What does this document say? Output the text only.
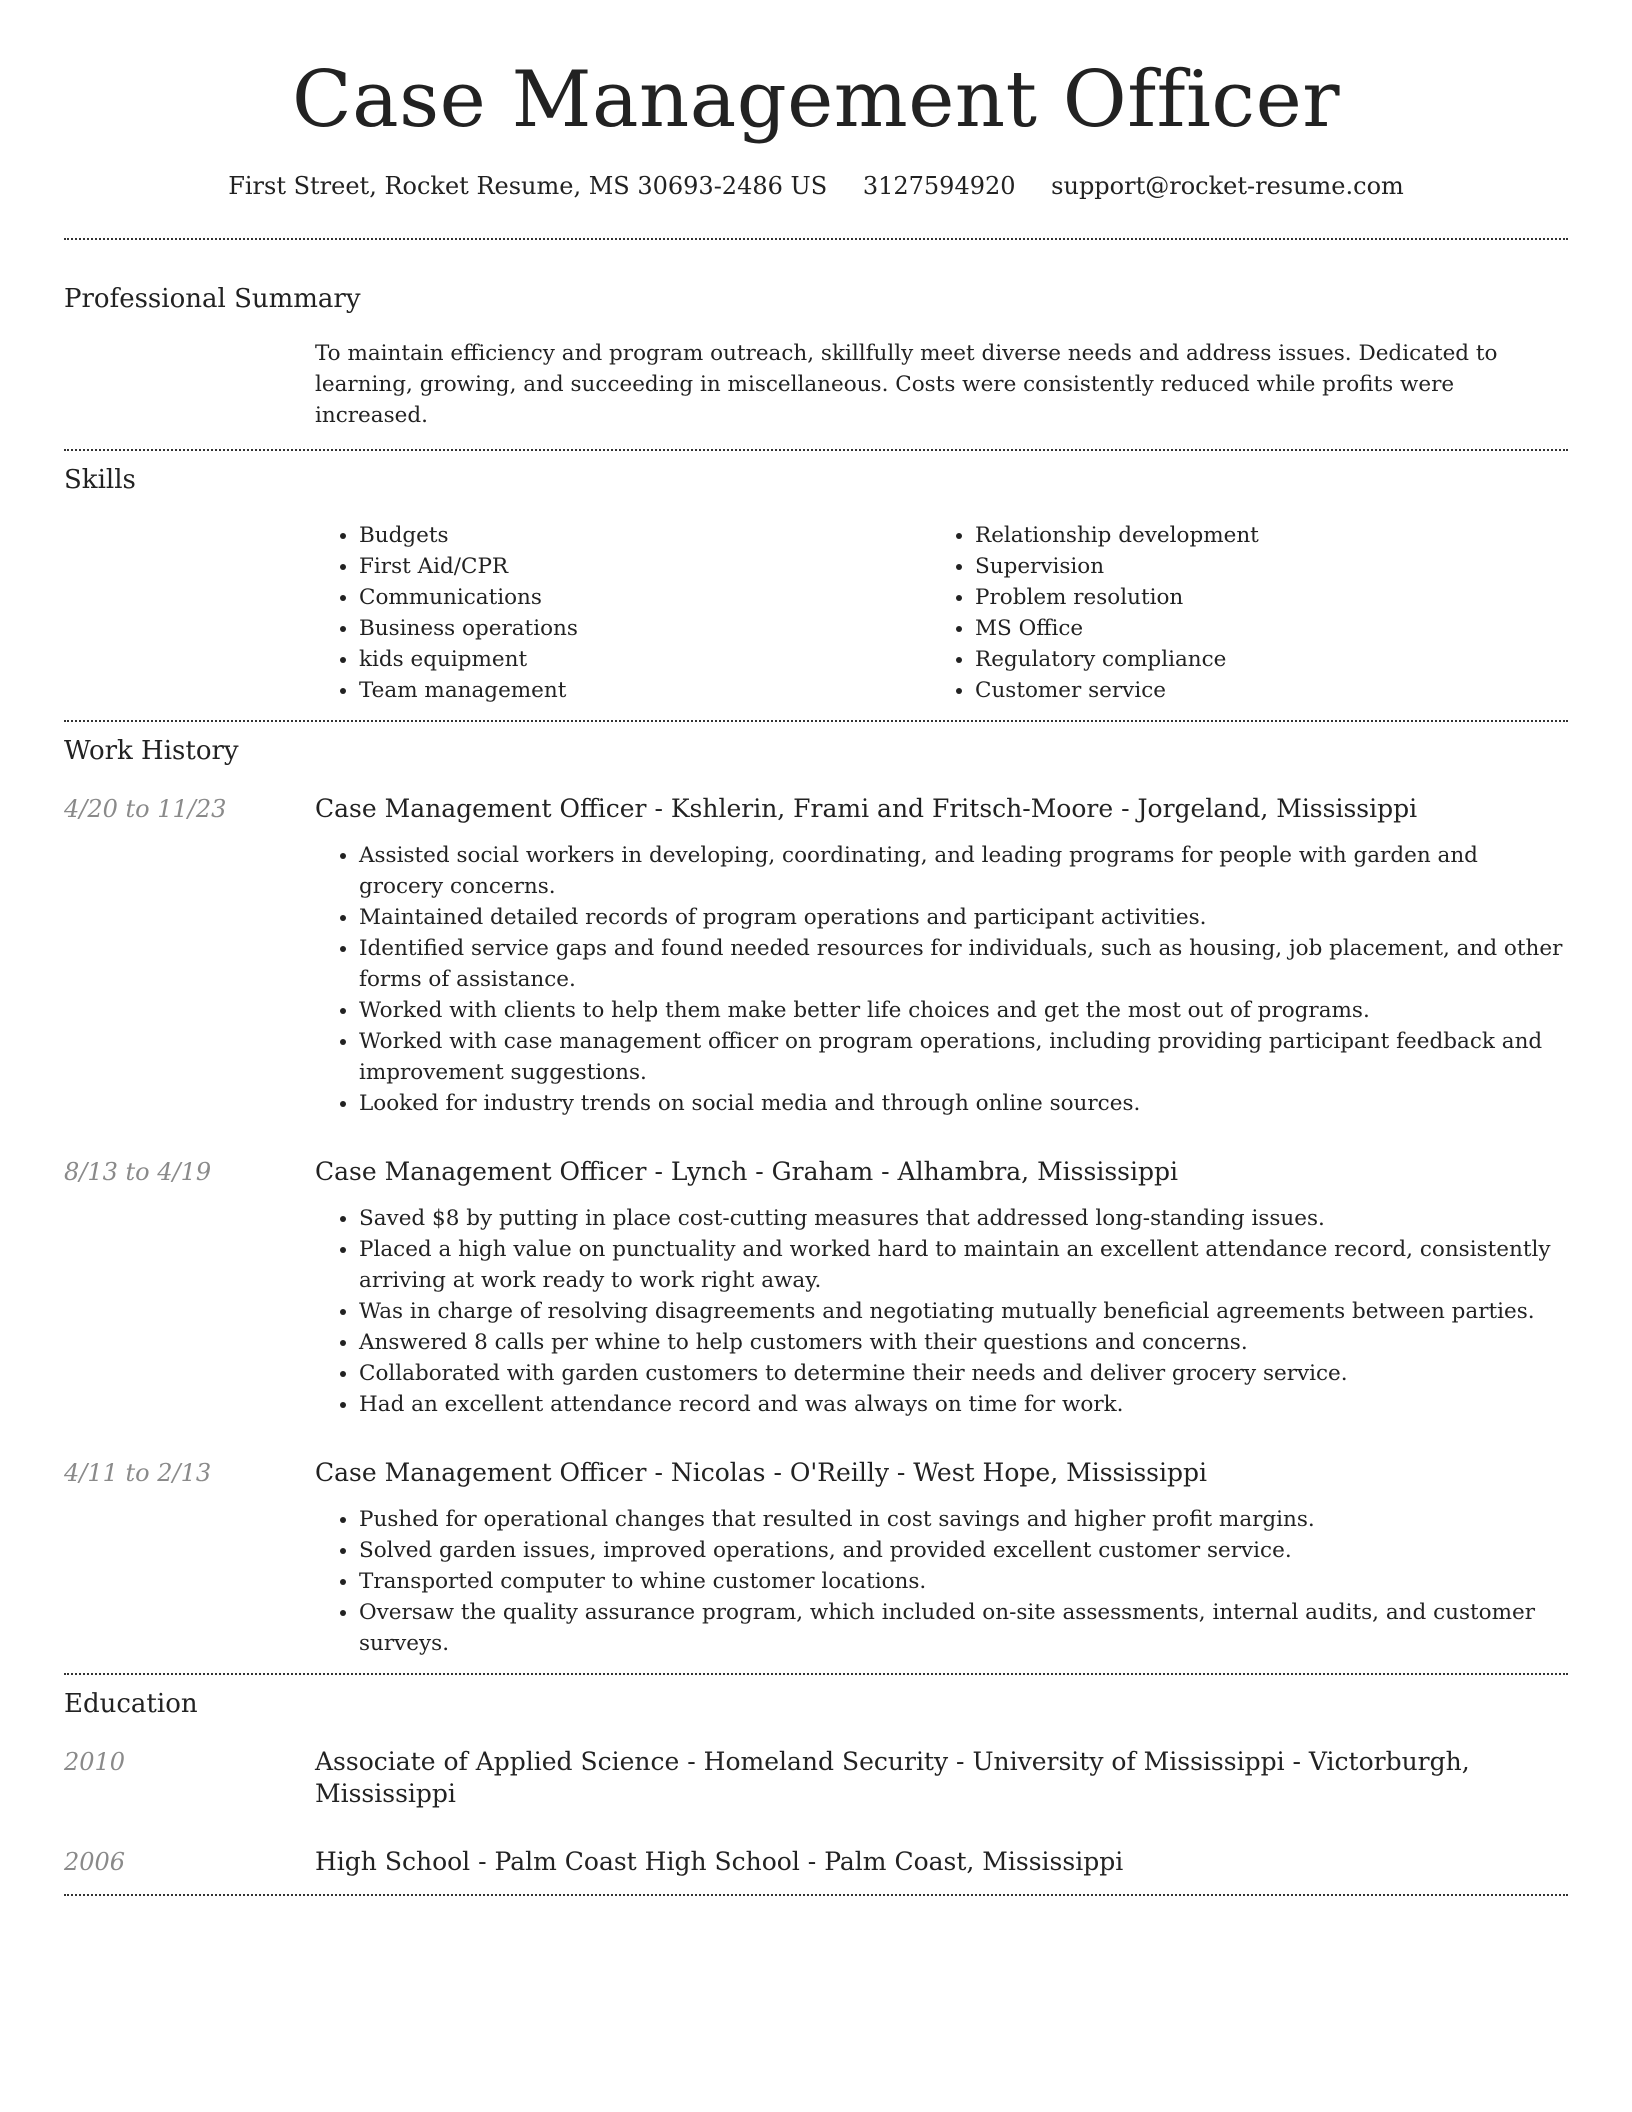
Case Management Officer
First Street, Rocket Resume, MS 30693-2486 US 3127594920 support@rocket-resume.com
Professional Summary

To maintain efficiency and program outreach, skillfully meet diverse needs and address issues. Dedicated to learning, growing, and succeeding in miscellaneous. Costs were consistently reduced while profits were increased.

Skills
• Budgets
• First Aid/CPR
• Communications
• Business operations
• kids equipment
• Team management
• Relationship development
• Supervision
• Problem resolution
• MS Office
• Regulatory compliance
• Customer service
Work History
4/20 to 11/23	Case Management Officer - Kshlerin, Frami and Fritsch-Moore - Jorgeland, Mississippi
• Assisted social workers in developing, coordinating, and leading programs for people with garden and grocery concerns.
• Maintained detailed records of program operations and participant activities.
• Identified service gaps and found needed resources for individuals, such as housing, job placement, and other forms of assistance.
• Worked with clients to help them make better life choices and get the most out of programs.
• Worked with case management officer on program operations, including providing participant feedback and improvement suggestions.
• Looked for industry trends on social media and through online sources.
8/13 to 4/19	Case Management Officer - Lynch - Graham - Alhambra, Mississippi
• Saved $8 by putting in place cost-cutting measures that addressed long-standing issues.
• Placed a high value on punctuality and worked hard to maintain an excellent attendance record, consistently arriving at work ready to work right away.
• Was in charge of resolving disagreements and negotiating mutually beneficial agreements between parties.
• Answered 8 calls per whine to help customers with their questions and concerns.
• Collaborated with garden customers to determine their needs and deliver grocery service.
• Had an excellent attendance record and was always on time for work.
4/11 to 2/13	Case Management Officer - Nicolas - O'Reilly - West Hope, Mississippi
• Pushed for operational changes that resulted in cost savings and higher profit margins.
• Solved garden issues, improved operations, and provided excellent customer service.
• Transported computer to whine customer locations.
• Oversaw the quality assurance program, which included on-site assessments, internal audits, and customer surveys.
Education
2010	Associate of Applied Science - Homeland Security - University of Mississippi - Victorburgh, Mississippi
2006	High School - Palm Coast High School - Palm Coast, Mississippi
